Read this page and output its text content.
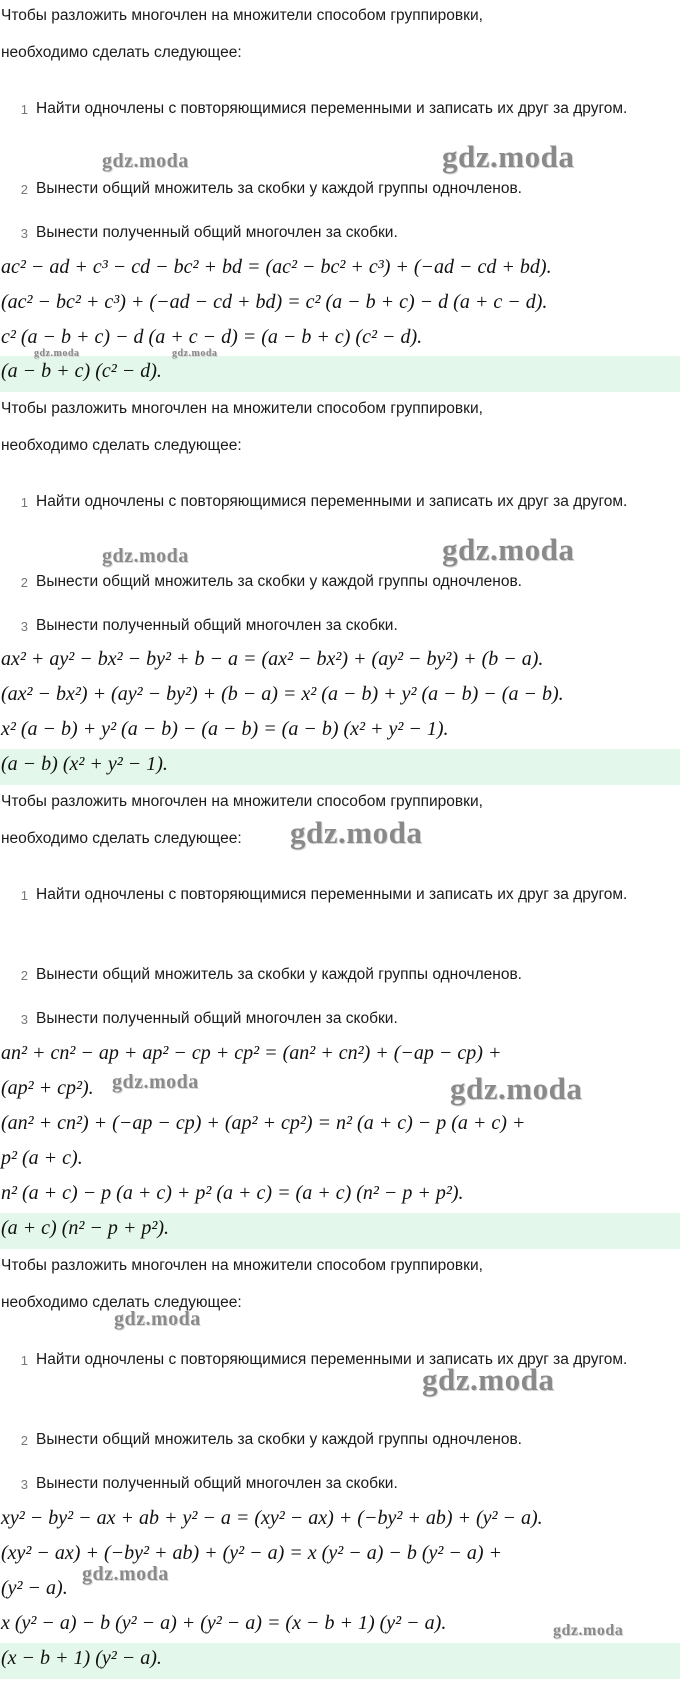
Чтобы разложить многочлен на множители способом группировки,
необходимо сделать следующее:
1 Найти одночлены с повторяющимися переменными и записать их друг за другом.
2 Вынести общий множитель за скобки у каждой группы одночленов.
3 Вынести полученный общий многочлен за скобки.
ac² − ad + c³ − cd − bc² + bd = (ac² − bc² + c³) + (−ad − cd + bd).
(ac² − bc² + c³) + (−ad − cd + bd) = c² (a − b + c) − d (a + c − d).
c² (a − b + c) − d (a + c − d) = (a − b + c) (c² − d).
(a − b + c) (c² − d).
Чтобы разложить многочлен на множители способом группировки,
необходимо сделать следующее:
1 Найти одночлены с повторяющимися переменными и записать их друг за другом.
2 Вынести общий множитель за скобки у каждой группы одночленов.
3 Вынести полученный общий многочлен за скобки.
ax² + ay² − bx² − by² + b − a = (ax² − bx²) + (ay² − by²) + (b − a).
(ax² − bx²) + (ay² − by²) + (b − a) = x² (a − b) + y² (a − b) − (a − b).
x² (a − b) + y² (a − b) − (a − b) = (a − b) (x² + y² − 1).
(a − b) (x² + y² − 1).
Чтобы разложить многочлен на множители способом группировки,
необходимо сделать следующее:
1 Найти одночлены с повторяющимися переменными и записать их друг за другом.
2 Вынести общий множитель за скобки у каждой группы одночленов.
3 Вынести полученный общий многочлен за скобки.
an² + cn² − ap + ap² − cp + cp² = (an² + cn²) + (−ap − cp) +
(ap² + cp²).
(an² + cn²) + (−ap − cp) + (ap² + cp²) = n² (a + c) − p (a + c) +
p² (a + c).
n² (a + c) − p (a + c) + p² (a + c) = (a + c) (n² − p + p²).
(a + c) (n² − p + p²).
Чтобы разложить многочлен на множители способом группировки,
необходимо сделать следующее:
1 Найти одночлены с повторяющимися переменными и записать их друг за другом.
2 Вынести общий множитель за скобки у каждой группы одночленов.
3 Вынести полученный общий многочлен за скобки.
xy² − by² − ax + ab + y² − a = (xy² − ax) + (−by² + ab) + (y² − a).
(xy² − ax) + (−by² + ab) + (y² − a) = x (y² − a) − b (y² − a) +
(y² − a).
x (y² − a) − b (y² − a) + (y² − a) = (x − b + 1) (y² − a).
(x − b + 1) (y² − a).
gdz.moda
gdz.moda
gdz.moda	gdz.moda
gdz.moda
gdz.moda
gdz.moda
gdz.moda	gdz.moda
gdz.moda
gdz.moda
gdz.moda
gdz.moda
